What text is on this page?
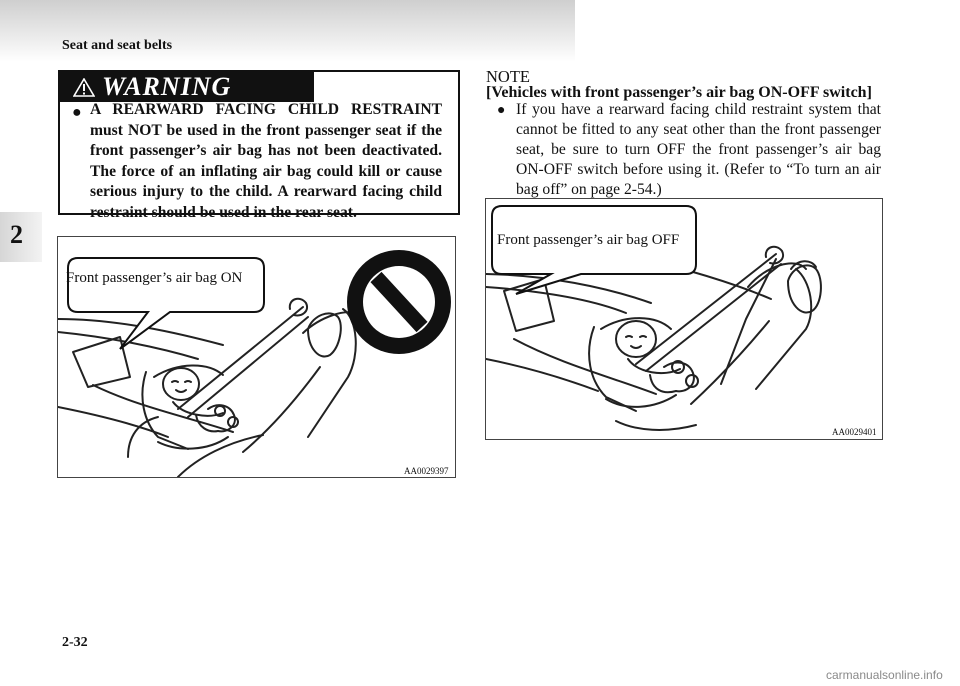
Seat and seat belts
2
WARNING
● A REARWARD FACING CHILD RESTRAINT must NOT be used in the front passenger seat if the front passenger’s air bag has not been deactivated. The force of an inflating air bag could kill or cause serious injury to the child. A rearward facing child restraint should be used in the rear seat.

Front passenger’s air bag ON
AA0029397
NOTE
[Vehicles with front passenger’s air bag ON-OFF switch]
● If you have a rearward facing child restraint system that cannot be fitted to any seat other than the front passenger seat, be sure to turn OFF the front passenger’s air bag ON-OFF switch before using it. (Refer to “To turn an air bag off” on page 2-54.)

Front passenger’s air bag OFF
AA0029401
2-32
carmanualsonline.info
